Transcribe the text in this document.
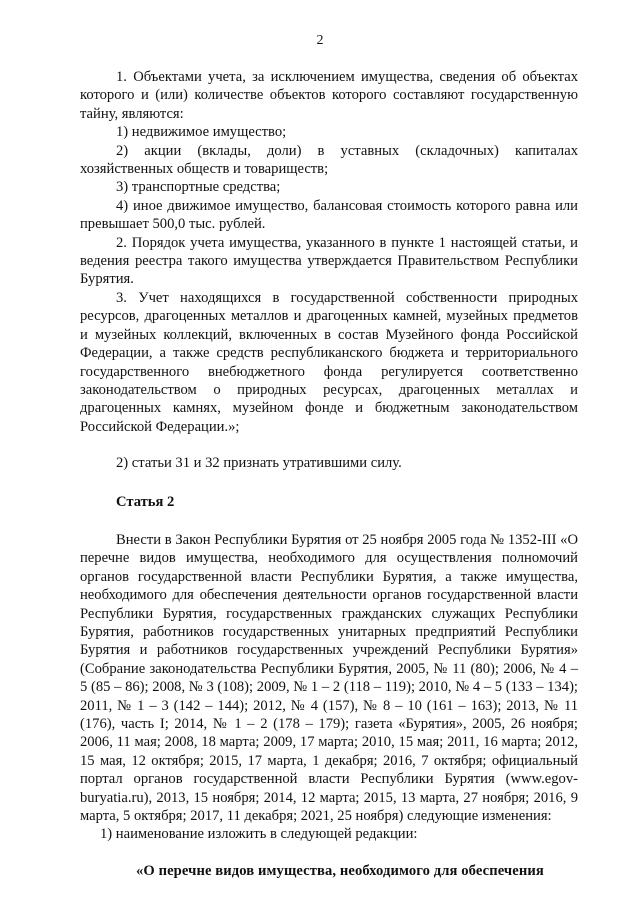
2

1. Объектами учета, за исключением имущества, сведения об объектах которого и (или) количестве объектов которого составляют государственную тайну, являются:

1) недвижимое имущество;

2) акции (вклады, доли) в уставных (складочных) капиталах хозяйственных обществ и товариществ;

3) транспортные средства;

4) иное движимое имущество, балансовая стоимость которого равна или превышает 500,0 тыс. рублей.

2. Порядок учета имущества, указанного в пункте 1 настоящей статьи, и ведения реестра такого имущества утверждается Правительством Республики Бурятия.

3. Учет находящихся в государственной собственности природных ресурсов, драгоценных металлов и драгоценных камней, музейных предметов и музейных коллекций, включенных в состав Музейного фонда Российской Федерации, а также средств республиканского бюджета и территориального государственного внебюджетного фонда регулируется соответственно законодательством о природных ресурсах, драгоценных металлах и драгоценных камнях, музейном фонде и бюджетным законодательством Российской Федерации.»;

2) статьи 31 и 32 признать утратившими силу.

Статья 2

Внести в Закон Республики Бурятия от 25 ноября 2005 года № 1352-III «О перечне видов имущества, необходимого для осуществления полномочий органов государственной власти Республики Бурятия, а также имущества, необходимого для обеспечения деятельности органов государственной власти Республики Бурятия, государственных гражданских служащих Республики Бурятия, работников государственных унитарных предприятий Республики Бурятия и работников государственных учреждений Республики Бурятия» (Собрание законодательства Республики Бурятия, 2005, № 11 (80); 2006, № 4 – 5 (85 – 86); 2008, № 3 (108); 2009, № 1 – 2 (118 – 119); 2010, № 4 – 5 (133 – 134); 2011, № 1 – 3 (142 – 144); 2012, № 4 (157), № 8 – 10 (161 – 163); 2013, № 11 (176), часть I; 2014, № 1 – 2 (178 – 179); газета «Бурятия», 2005, 26 ноября; 2006, 11 мая; 2008, 18 марта; 2009, 17 марта; 2010, 15 мая; 2011, 16 марта; 2012, 15 мая, 12 октября; 2015, 17 марта, 1 декабря; 2016, 7 октября; официальный портал органов государственной власти Республики Бурятия (www.egov-buryatia.ru), 2013, 15 ноября; 2014, 12 марта; 2015, 13 марта, 27 ноября; 2016, 9 марта, 5 октября; 2017, 11 декабря; 2021, 25 ноября) следующие изменения:

1) наименование изложить в следующей редакции:

«О перечне видов имущества, необходимого для обеспечения
